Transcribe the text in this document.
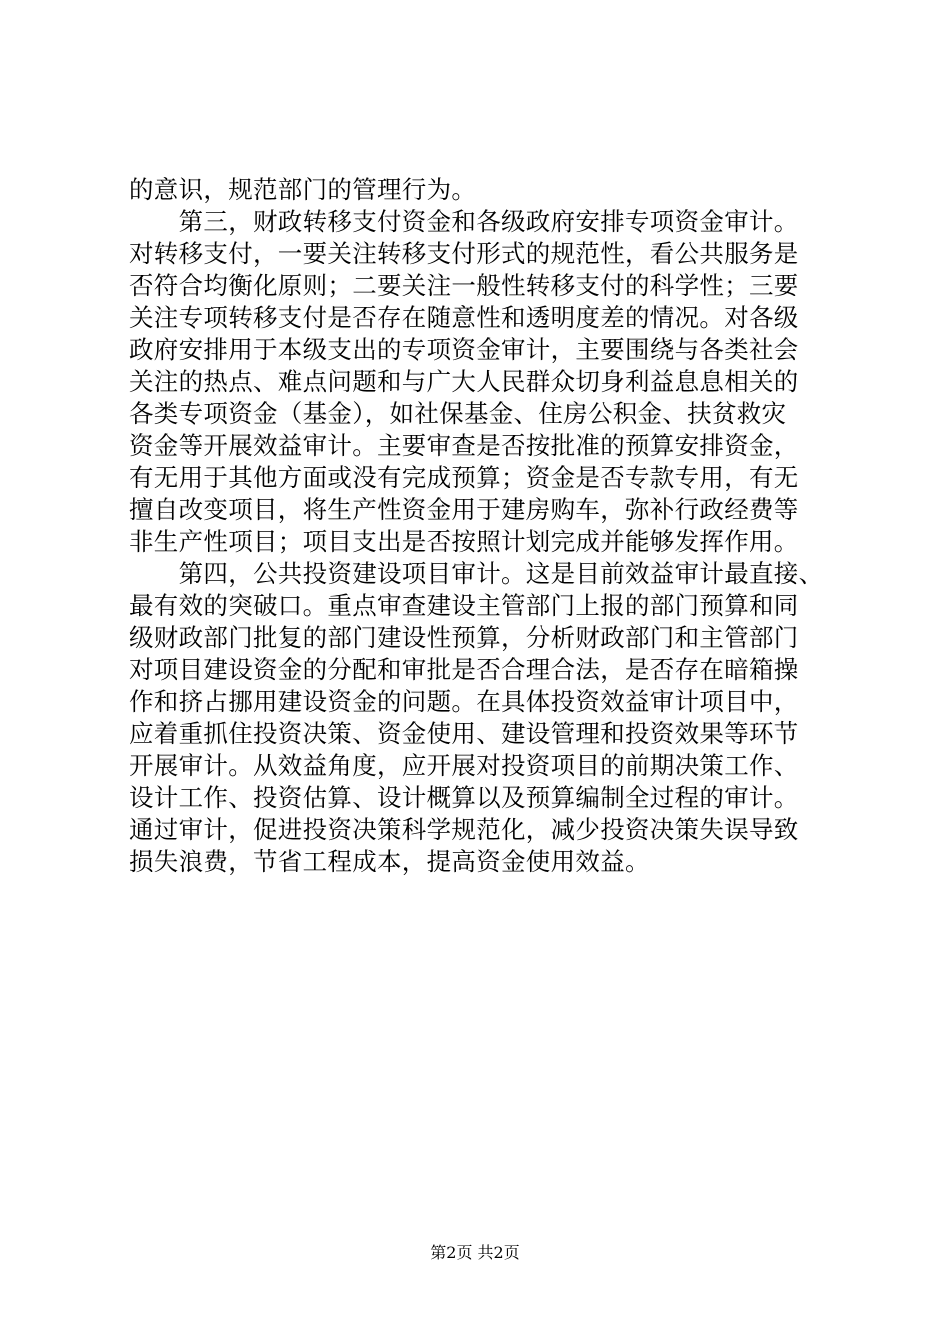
的意识，规范部门的管理行为。
　　第三，财政转移支付资金和各级政府安排专项资金审计。
对转移支付，一要关注转移支付形式的规范性，看公共服务是
否符合均衡化原则；二要关注一般性转移支付的科学性；三要
关注专项转移支付是否存在随意性和透明度差的情况。对各级
政府安排用于本级支出的专项资金审计，主要围绕与各类社会
关注的热点、难点问题和与广大人民群众切身利益息息相关的
各类专项资金（基金），如社保基金、住房公积金、扶贫救灾
资金等开展效益审计。主要审查是否按批准的预算安排资金，
有无用于其他方面或没有完成预算；资金是否专款专用，有无
擅自改变项目，将生产性资金用于建房购车，弥补行政经费等
非生产性项目；项目支出是否按照计划完成并能够发挥作用。
　　第四，公共投资建设项目审计。这是目前效益审计最直接、
最有效的突破口。重点审查建设主管部门上报的部门预算和同
级财政部门批复的部门建设性预算，分析财政部门和主管部门
对项目建设资金的分配和审批是否合理合法，是否存在暗箱操
作和挤占挪用建设资金的问题。在具体投资效益审计项目中，
应着重抓住投资决策、资金使用、建设管理和投资效果等环节
开展审计。从效益角度，应开展对投资项目的前期决策工作、
设计工作、投资估算、设计概算以及预算编制全过程的审计。
通过审计，促进投资决策科学规范化，减少投资决策失误导致
损失浪费，节省工程成本，提高资金使用效益。
第2页 共2页
